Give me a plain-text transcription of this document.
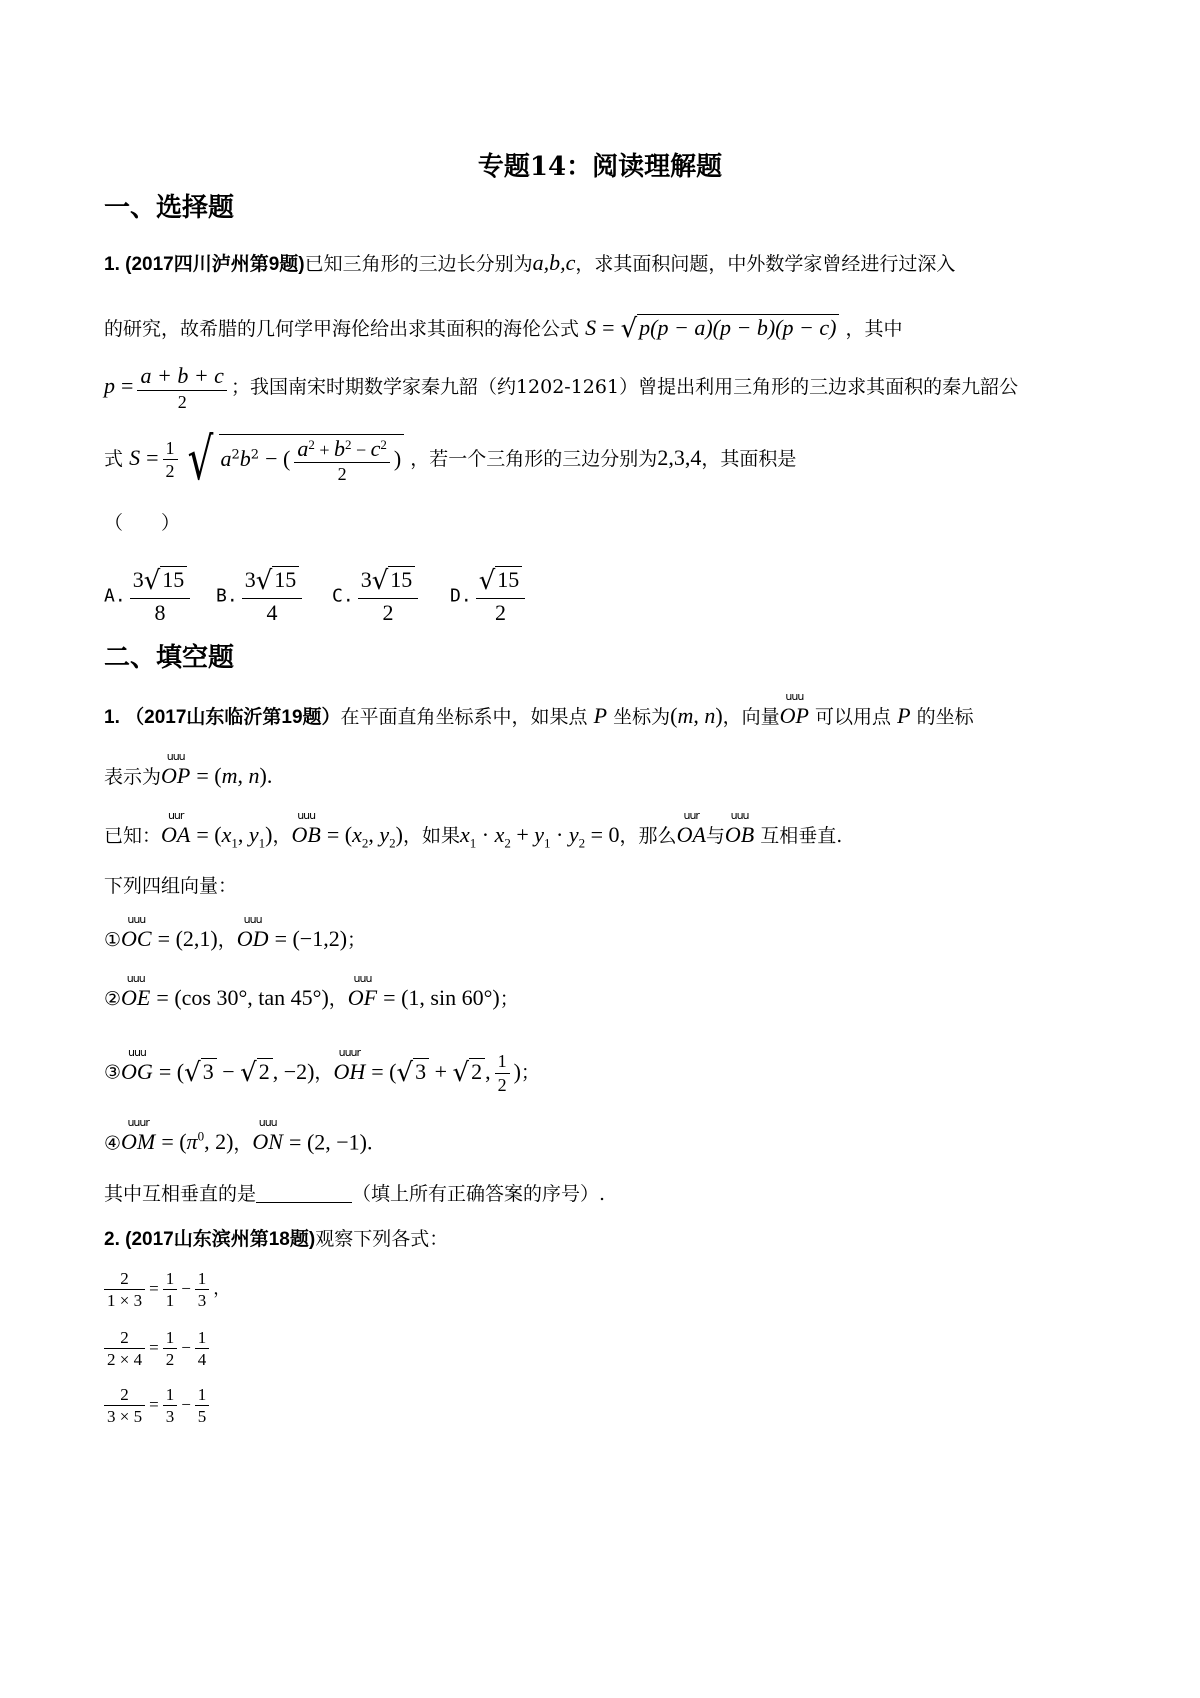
专题14：阅读理解题
一、选择题
1. (2017四川泸州第9题)已知三角形的三边长分别为a,b,c，求其面积问题，中外数学家曾经进行过深入
的研究，故希腊的几何学甲海伦给出求其面积的海伦公式 S = √p(p − a)(p − b)(p − c) ，其中
$p = \frac{a + b + c}{2}$ ；我国南宋时期数学家秦九韶（约1202-1261）曾提出利用三角形的三边求其面积的秦九韶公
式 $S = \frac{1}{2}$ √ $a^2b^2$ − ( $\frac{a^2 + b^2 - c^2}{2}$ ) ，若一个三角形的三边分别为2,3,4，其面积是
（　　）
A. $\frac{3√15}{8} B$. $\frac{3√15}{4} C$. $\frac{3√15}{2} D$. $\frac{√15}{2}$
二、填空题
1. （2017山东临沂第19题）在平面直角坐标系中，如果点 P 坐标为(m, n)，向量
uuu
OP 可以用点 P 的坐标
表示为
uuu
OP = (m, n).
已知：
uur
OA = ($x_1$, $y_1$)，
uuu
OB = ($x_2$, $y_2$)，如果$x_1 \cdot x_2 + y_1 \cdot y_2 = 0$，那么
uur
OA与
uuu
OB 互相垂直.
下列四组向量：
①
uuu
OC = (2,1)，
uuu
OD = (−1,2)；
②
uuu
OE = (cos 30°, tan 45°)，
uuu
OF = (1, sin 60°)；
③
uuu
OG = (√3 − √2 , −2)，
uuur
OH = (√3 + √2 , $\frac{1}{2}$ )；
④
uuur
OM = ($\pi^0$, 2)，
uuu
ON = (2, −1).
其中互相垂直的是	（填上所有正确答案的序号）.
2. (2017山东滨州第18题)观察下列各式：
$\frac{2}{1 \times 3} = \frac{1}{1} - \frac{1}{3}$ ，
$\frac{2}{2 \times 4} = \frac{1}{2} - \frac{1}{4}$
$\frac{2}{3 \times 5} = \frac{1}{3} - \frac{1}{5}$
